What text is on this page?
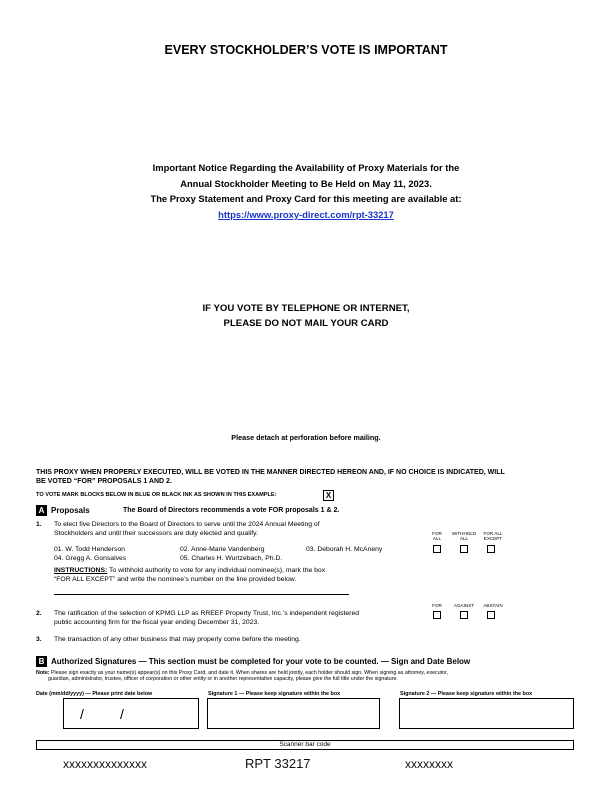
EVERY STOCKHOLDER’S VOTE IS IMPORTANT
Important Notice Regarding the Availability of Proxy Materials for the
Annual Stockholder Meeting to Be Held on May 11, 2023.
The Proxy Statement and Proxy Card for this meeting are available at:
https://www.proxy-direct.com/rpt-33217
IF YOU VOTE BY TELEPHONE OR INTERNET,
PLEASE DO NOT MAIL YOUR CARD
Please detach at perforation before mailing.
THIS PROXY WHEN PROPERLY EXECUTED, WILL BE VOTED IN THE MANNER DIRECTED HEREON AND, IF NO CHOICE IS INDICATED, WILL
BE VOTED “FOR” PROPOSALS 1 AND 2.
TO VOTE MARK BLOCKS BELOW IN BLUE OR BLACK INK AS SHOWN IN THIS EXAMPLE:	X
A Proposals	The Board of Directors recommends a vote FOR proposals 1 & 2.
1. To elect five Directors to the Board of Directors to serve until the 2024 Annual Meeting of
Stockholders and until their successors are duly elected and qualify.
01. W. Todd Henderson	02. Anne-Marie Vandenberg	03. Deborah H. McAneny
04. Gregg A. Gonsalves	05. Charles H. Wurtzebach, Ph.D.
INSTRUCTIONS: To withhold authority to vote for any individual nominee(s), mark the box
“FOR ALL EXCEPT” and write the nominee’s number on the line provided below.
FOR
ALL
WITHHOLD
ALL
FOR ALL
EXCEPT
2. The ratification of the selection of KPMG LLP as RREEF Property Trust, Inc.’s independent registered
public accounting firm for the fiscal year ending December 31, 2023.
FOR	AGAINST	ABSTAIN
3. The transaction of any other business that may properly come before the meeting.
B Authorized Signatures — This section must be completed for your vote to be counted. — Sign and Date Below
Note: Please sign exactly as your name(s) appear(s) on this Proxy Card, and date it. When shares are held jointly, each holder should sign. When signing as attorney, executor,
guardian, administrator, trustee, officer of corporation or other entity or in another representative capacity, please give the full title under the signature.
Date (mm/dd/yyyy) — Please print date below	Signature 1 — Please keep signature within the box	Signature 2 — Please keep signature within the box
/	/
Scanner bar code
xxxxxxxxxxxxxx	RPT 33217	xxxxxxxx
